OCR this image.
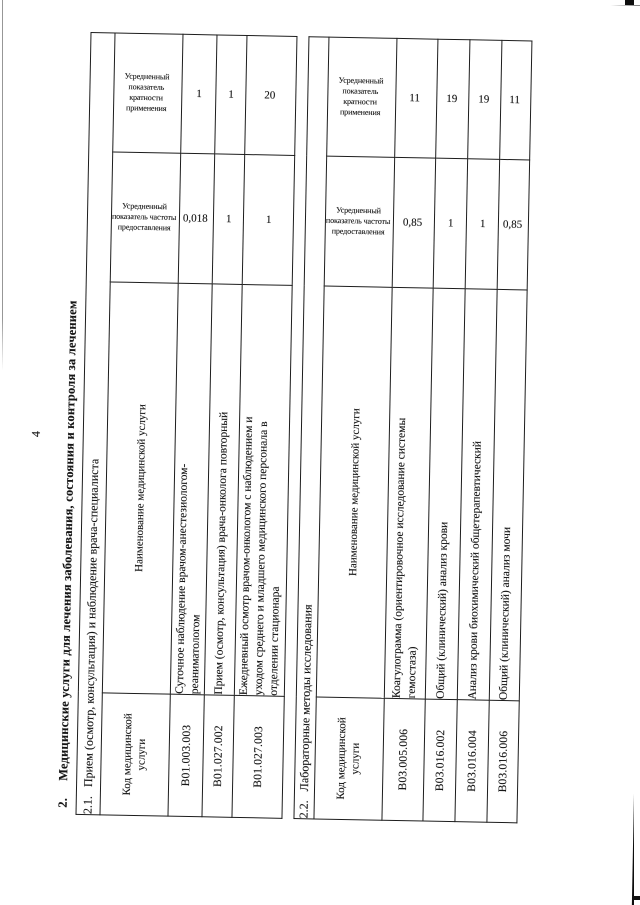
4
2.Медицинские услуги для лечения заболевания, состояния и контроля за лечением
2.1.Прием (осмотр, консультация) и наблюдение врача-специалиста			
Код медицинской
услуги	Наименование медицинской услуги	Усредненный
показатель частоты
предоставления	Усредненный
показатель
кратности
применения
В01.003.003	Суточное наблюдение врачом-анестезиологом-
реаниматологом	0,018	1
В01.027.002	Прием (осмотр, консультация) врача-онколога повторный	1	1
В01.027.003	Ежедневный осмотр врачом-онкологом с наблюдением и
уходом среднего и младшего медицинского персонала в
отделении стационара	1	20
2.2.Лабораторные методы исследования			
Код медицинской
услуги	Наименование медицинской услуги	Усредненный
показатель частоты
предоставления	Усредненный
показатель
кратности
применения
В03.005.006	Коагулограмма (ориентировочное исследование системы
гемостаза)	0,85	11
В03.016.002	Общий (клинический) анализ крови	1	19
В03.016.004	Анализ крови биохимический общетерапевтический	1	19
В03.016.006	Общий (клинический) анализ мочи	0,85	11
